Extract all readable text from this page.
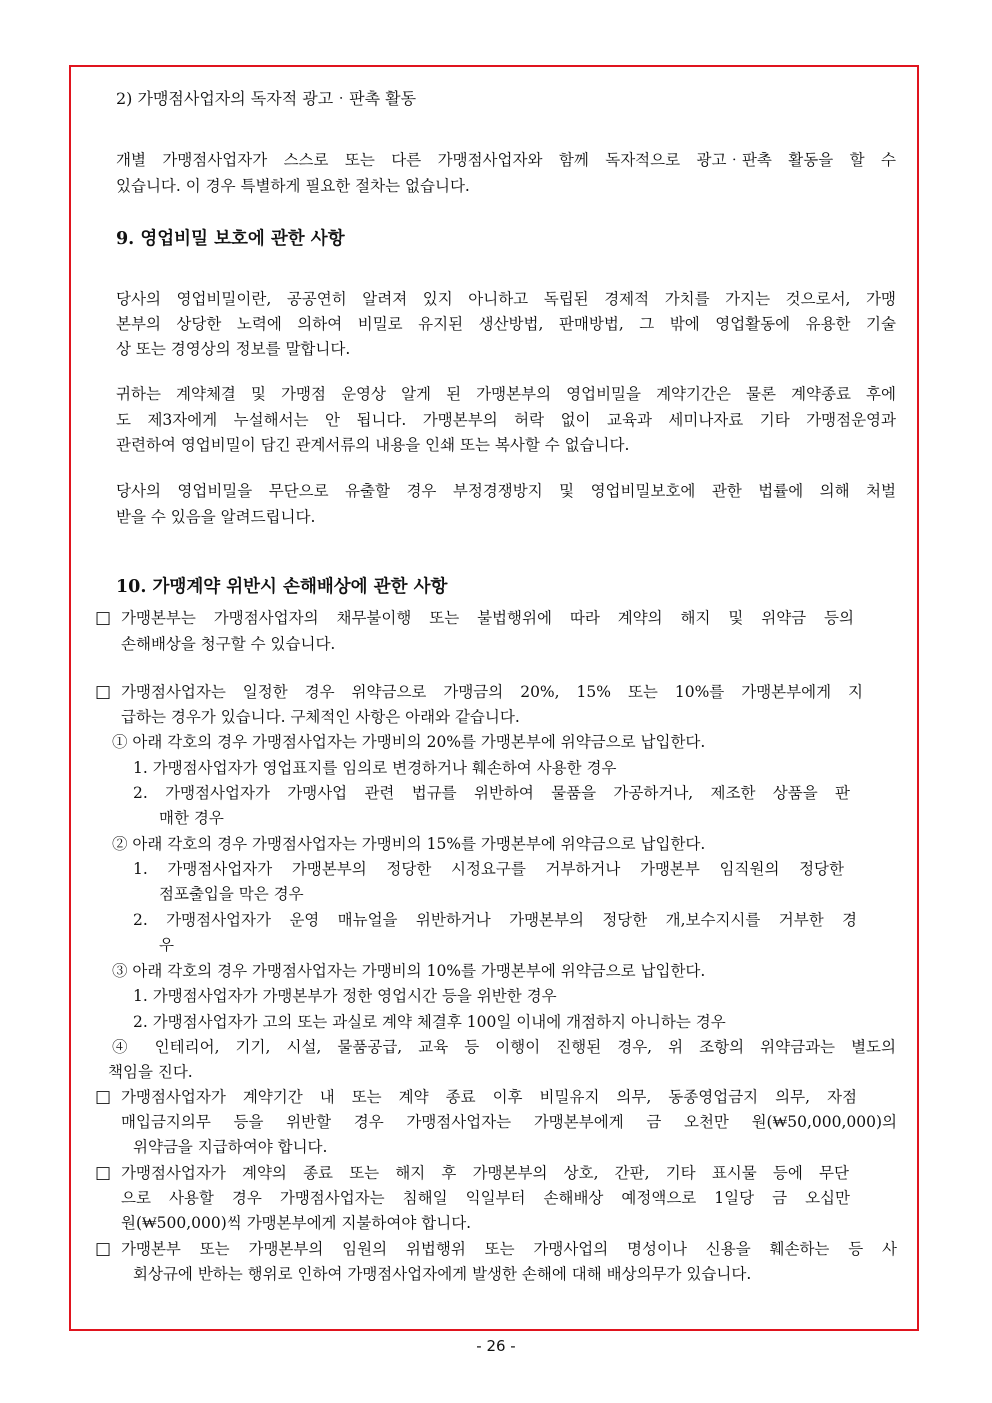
2) 가맹점사업자의 독자적 광고‧판촉 활동
개별 가맹점사업자가 스스로 또는 다른 가맹점사업자와 함께 독자적으로 광고‧판촉 활동을 할 수
있습니다. 이 경우 특별하게 필요한 절차는 없습니다.
9. 영업비밀 보호에 관한 사항
당사의 영업비밀이란, 공공연히 알려져 있지 아니하고 독립된 경제적 가치를 가지는 것으로서, 가맹
본부의 상당한 노력에 의하여 비밀로 유지된 생산방법, 판매방법, 그 밖에 영업활동에 유용한 기술
상 또는 경영상의 정보를 말합니다.
귀하는 계약체결 및 가맹점 운영상 알게 된 가맹본부의 영업비밀을 계약기간은 물론 계약종료 후에
도 제3자에게 누설해서는 안 됩니다. 가맹본부의 허락 없이 교육과 세미나자료 기타 가맹점운영과
관련하여 영업비밀이 담긴 관계서류의 내용을 인쇄 또는 복사할 수 없습니다.
당사의 영업비밀을 무단으로 유출할 경우 부정경쟁방지 및 영업비밀보호에 관한 법률에 의해 처벌
받을 수 있음을 알려드립니다.
10. 가맹계약 위반시 손해배상에 관한 사항
□ 가맹본부는 가맹점사업자의 채무불이행 또는 불법행위에 따라 계약의 해지 및 위약금 등의
손해배상을 청구할 수 있습니다.
□ 가맹점사업자는 일정한 경우 위약금으로 가맹금의 20%, 15% 또는 10%를 가맹본부에게 지
급하는 경우가 있습니다. 구체적인 사항은 아래와 같습니다.
① 아래 각호의 경우 가맹점사업자는 가맹비의 20%를 가맹본부에 위약금으로 납입한다.
1. 가맹점사업자가 영업표지를 임의로 변경하거나 훼손하여 사용한 경우
2. 가맹점사업자가 가맹사업 관련 법규를 위반하여 물품을 가공하거나, 제조한 상품을 판
매한 경우
② 아래 각호의 경우 가맹점사업자는 가맹비의 15%를 가맹본부에 위약금으로 납입한다.
1. 가맹점사업자가 가맹본부의 정당한 시정요구를 거부하거나 가맹본부 임직원의 정당한
점포출입을 막은 경우
2. 가맹점사업자가 운영 매뉴얼을 위반하거나 가맹본부의 정당한 개,보수지시를 거부한 경
우
③ 아래 각호의 경우 가맹점사업자는 가맹비의 10%를 가맹본부에 위약금으로 납입한다.
1. 가맹점사업자가 가맹본부가 정한 영업시간 등을 위반한 경우
2. 가맹점사업자가 고의 또는 과실로 계약 체결후 100일 이내에 개점하지 아니하는 경우
④ 인테리어, 기기, 시설, 물품공급, 교육 등 이행이 진행된 경우, 위 조항의 위약금과는 별도의
책임을 진다.
□ 가맹점사업자가 계약기간 내 또는 계약 종료 이후 비밀유지 의무, 동종영업금지 의무, 자점
매입금지의무 등을 위반할 경우 가맹점사업자는 가맹본부에게 금 오천만 원(₩50,000,000)의
위약금을 지급하여야 합니다.
□ 가맹점사업자가 계약의 종료 또는 해지 후 가맹본부의 상호, 간판, 기타 표시물 등에 무단
으로 사용할 경우 가맹점사업자는 침해일 익일부터 손해배상 예정액으로 1일당 금 오십만
원(₩500,000)씩 가맹본부에게 지불하여야 합니다.
□ 가맹본부 또는 가맹본부의 임원의 위법행위 또는 가맹사업의 명성이나 신용을 훼손하는 등 사
회상규에 반하는 행위로 인하여 가맹점사업자에게 발생한 손해에 대해 배상의무가 있습니다.
- 26 -
